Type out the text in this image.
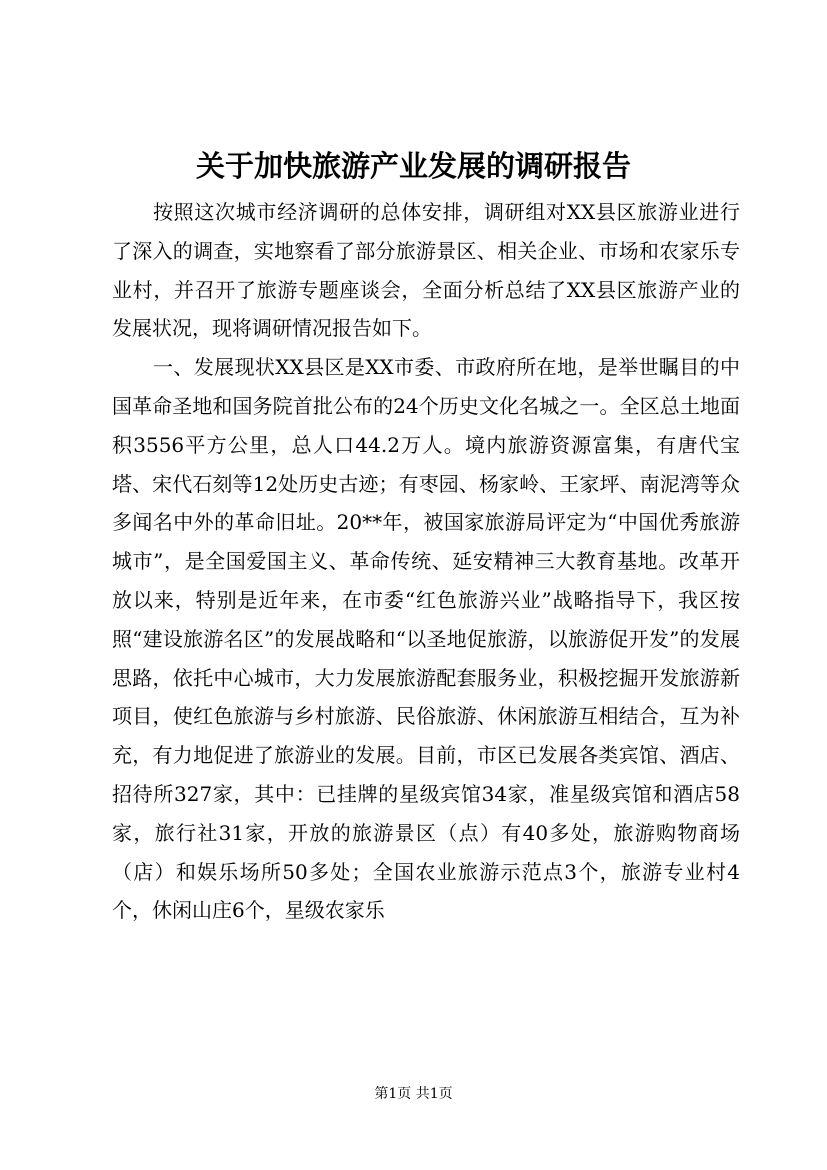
关于加快旅游产业发展的调研报告

按照这次城市经济调研的总体安排，调研组对XX县区旅游业进行了深入的调查，实地察看了部分旅游景区、相关企业、市场和农家乐专业村，并召开了旅游专题座谈会，全面分析总结了XX县区旅游产业的发展状况，现将调研情况报告如下。

一、发展现状XX县区是XX市委、市政府所在地，是举世瞩目的中国革命圣地和国务院首批公布的24个历史文化名城之一。全区总土地面积3556平方公里，总人口44.2万人。境内旅游资源富集，有唐代宝塔、宋代石刻等12处历史古迹；有枣园、杨家岭、王家坪、南泥湾等众多闻名中外的革命旧址。20**年，被国家旅游局评定为“中国优秀旅游城市”，是全国爱国主义、革命传统、延安精神三大教育基地。改革开放以来，特别是近年来，在市委“红色旅游兴业”战略指导下，我区按照“建设旅游名区”的发展战略和“以圣地促旅游，以旅游促开发”的发展思路，依托中心城市，大力发展旅游配套服务业，积极挖掘开发旅游新项目，使红色旅游与乡村旅游、民俗旅游、休闲旅游互相结合，互为补充，有力地促进了旅游业的发展。目前，市区已发展各类宾馆、酒店、招待所327家，其中：已挂牌的星级宾馆34家，准星级宾馆和酒店58家，旅行社31家，开放的旅游景区（点）有40多处，旅游购物商场（店）和娱乐场所50多处；全国农业旅游示范点3个，旅游专业村4个，休闲山庄6个，星级农家乐

第1页 共1页
